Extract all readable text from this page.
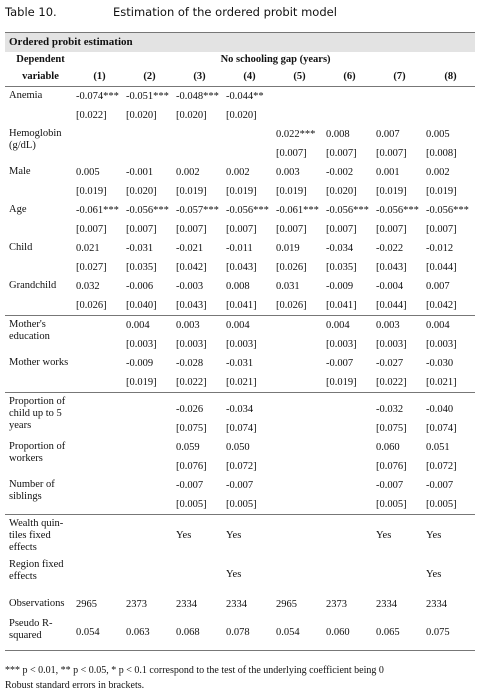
Table 10.	Estimation of the ordered probit model
Ordered probit estimation
Dependent	No schooling gap (years)							
variable	(1)	(2)	(3)	(4)	(5)	(6)	(7)	(8)
Anemia	-0.074***	-0.051***	-0.048***	-0.044**				
	[0.022]	[0.020]	[0.020]	[0.020]				
Hemoglobin (g/dL)					0.022***	0.008	0.007	0.005
					[0.007]	[0.007]	[0.007]	[0.008]
Male	0.005	-0.001	0.002	0.002	0.003	-0.002	0.001	0.002
	[0.019]	[0.020]	[0.019]	[0.019]	[0.019]	[0.020]	[0.019]	[0.019]
Age	-0.061***	-0.056***	-0.057***	-0.056***	-0.061***	-0.056***	-0.056***	-0.056***
	[0.007]	[0.007]	[0.007]	[0.007]	[0.007]	[0.007]	[0.007]	[0.007]
Child	0.021	-0.031	-0.021	-0.011	0.019	-0.034	-0.022	-0.012
	[0.027]	[0.035]	[0.042]	[0.043]	[0.026]	[0.035]	[0.043]	[0.044]
Grandchild	0.032	-0.006	-0.003	0.008	0.031	-0.009	-0.004	0.007
	[0.026]	[0.040]	[0.043]	[0.041]	[0.026]	[0.041]	[0.044]	[0.042]
Mother's education		0.004	0.003	0.004		0.004	0.003	0.004
		[0.003]	[0.003]	[0.003]		[0.003]	[0.003]	[0.003]
Mother works		-0.009	-0.028	-0.031		-0.007	-0.027	-0.030
		[0.019]	[0.022]	[0.021]		[0.019]	[0.022]	[0.021]
Proportion of child up to 5 years			-0.026	-0.034			-0.032	-0.040
			[0.075]	[0.074]			[0.075]	[0.074]
Proportion of workers			0.059	0.050			0.060	0.051
			[0.076]	[0.072]			[0.076]	[0.072]
Number of siblings			-0.007	-0.007			-0.007	-0.007
			[0.005]	[0.005]			[0.005]	[0.005]
Wealth quin-tiles fixed effects			Yes	Yes			Yes	Yes
Region fixed effects				Yes				Yes
Observations	2965	2373	2334	2334	2965	2373	2334	2334
Pseudo R-squared	0.054	0.063	0.068	0.078	0.054	0.060	0.065	0.075
*** p < 0.01, ** p < 0.05, * p < 0.1 correspond to the test of the underlying coefficient being 0
Robust standard errors in brackets.
